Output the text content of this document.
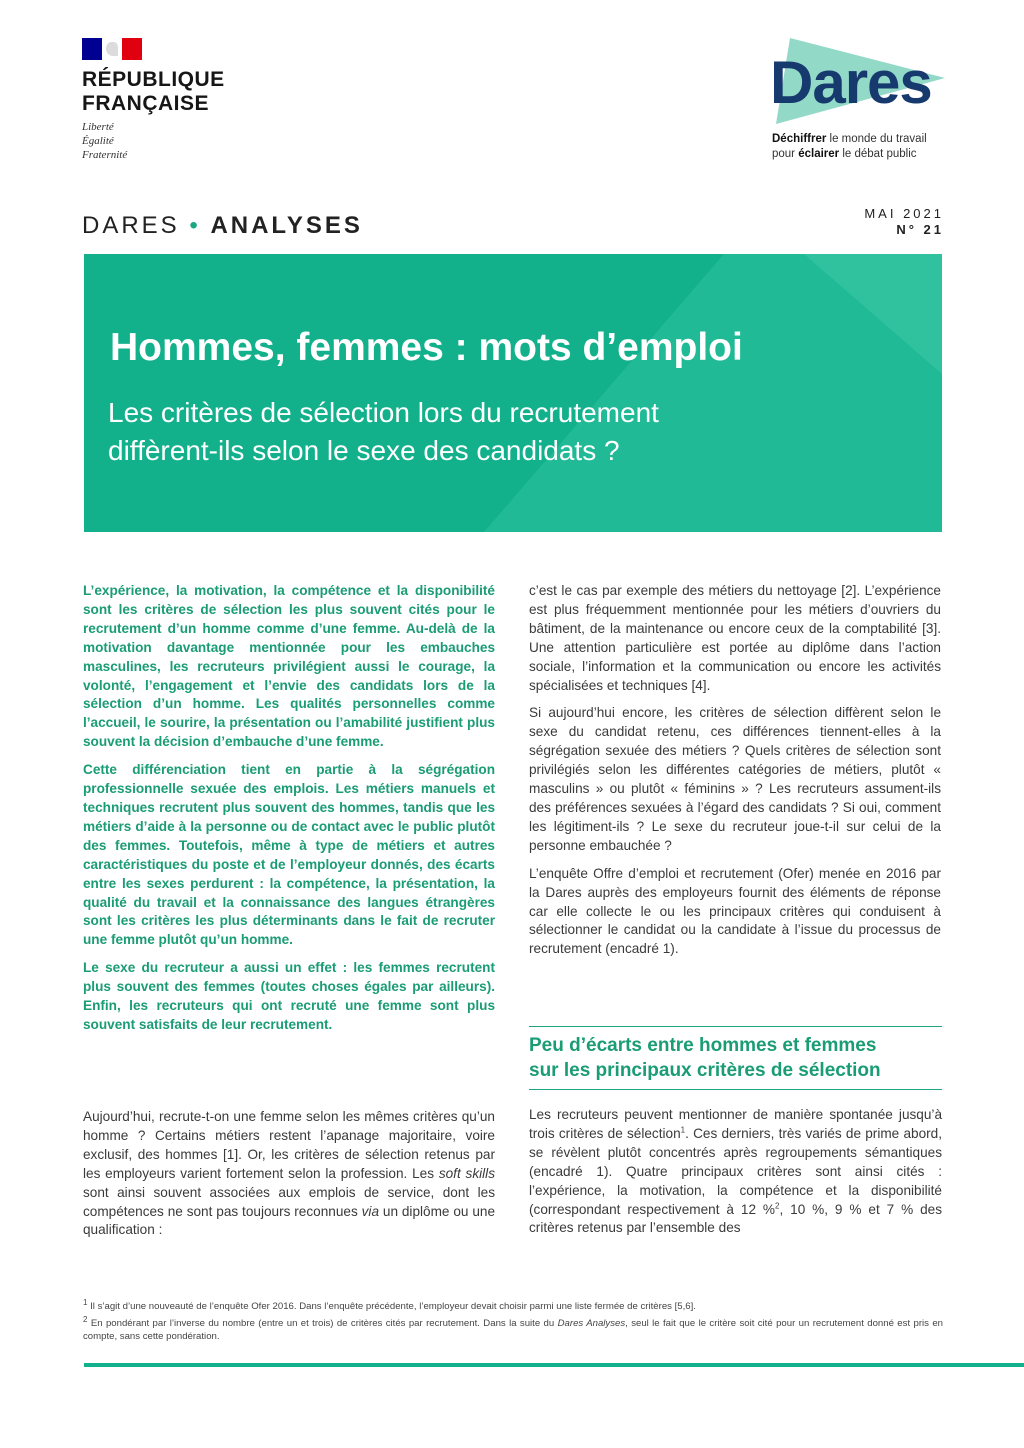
RÉPUBLIQUE
FRANÇAISE
Liberté
Égalité
Fraternité
Dares
Déchiffrer le monde du travail
pour éclairer le débat public
DARES • ANALYSES	MAI 2021
N° 21
Hommes, femmes : mots d’emploi
Les critères de sélection lors du recrutement
diffèrent-ils selon le sexe des candidats ?

L’expérience, la motivation, la compétence et la disponibilité sont les critères de sélection les plus souvent cités pour le recrutement d’un homme comme d’une femme. Au-delà de la motivation davantage mentionnée pour les embauches masculines, les recruteurs privilégient aussi le courage, la volonté, l’engagement et l’envie des candidats lors de la sélection d’un homme. Les qualités personnelles comme l’accueil, le sourire, la présentation ou l’amabilité justifient plus souvent la décision d’embauche d’une femme.

Cette différenciation tient en partie à la ségrégation professionnelle sexuée des emplois. Les métiers manuels et techniques recrutent plus souvent des hommes, tandis que les métiers d’aide à la personne ou de contact avec le public plutôt des femmes. Toutefois, même à type de métiers et autres caractéristiques du poste et de l’employeur donnés, des écarts entre les sexes perdurent : la compétence, la présentation, la qualité du travail et la connaissance des langues étrangères sont les critères les plus déterminants dans le fait de recruter une femme plutôt qu’un homme.

Le sexe du recruteur a aussi un effet : les femmes recrutent plus souvent des femmes (toutes choses égales par ailleurs). Enfin, les recruteurs qui ont recruté une femme sont plus souvent satisfaits de leur recrutement.

Aujourd’hui, recrute-t-on une femme selon les mêmes critères qu’un homme ? Certains métiers restent l’apanage majoritaire, voire exclusif, des hommes [1]. Or, les critères de sélection retenus par les employeurs varient fortement selon la profession. Les soft skills sont ainsi souvent associées aux emplois de service, dont les compétences ne sont pas toujours reconnues via un diplôme ou une qualification :

c’est le cas par exemple des métiers du nettoyage [2]. L’expérience est plus fréquemment mentionnée pour les métiers d’ouvriers du bâtiment, de la maintenance ou encore ceux de la comptabilité [3]. Une attention particulière est portée au diplôme dans l’action sociale, l’information et la communication ou encore les activités spécialisées et techniques [4].

Si aujourd’hui encore, les critères de sélection diffèrent selon le sexe du candidat retenu, ces différences tiennent-elles à la ségrégation sexuée des métiers ? Quels critères de sélection sont privilégiés selon les différentes catégories de métiers, plutôt « masculins » ou plutôt « féminins » ? Les recruteurs assument-ils des préférences sexuées à l’égard des candidats ? Si oui, comment les légitiment-ils ? Le sexe du recruteur joue-t-il sur celui de la personne embauchée ?

L’enquête Offre d’emploi et recrutement (Ofer) menée en 2016 par la Dares auprès des employeurs fournit des éléments de réponse car elle collecte le ou les principaux critères qui conduisent à sélectionner le candidat ou la candidate à l’issue du processus de recrutement (encadré 1).

Peu d’écarts entre hommes et femmes
sur les principaux critères de sélection

Les recruteurs peuvent mentionner de manière spontanée jusqu’à trois critères de sélection$^1$. Ces derniers, très variés de prime abord, se révèlent plutôt concentrés après regroupements sémantiques (encadré 1). Quatre principaux critères sont ainsi cités : l’expérience, la motivation, la compétence et la disponibilité (correspondant respectivement à 12 %$^2$, 10 %, 9 % et 7 % des critères retenus par l’ensemble des

$^1$ Il s’agit d’une nouveauté de l’enquête Ofer 2016. Dans l’enquête précédente, l’employeur devait choisir parmi une liste fermée de critères [5,6].

$^2$ En pondérant par l’inverse du nombre (entre un et trois) de critères cités par recrutement. Dans la suite du Dares Analyses, seul le fait que le critère soit cité pour un recrutement donné est pris en compte, sans cette pondération.
